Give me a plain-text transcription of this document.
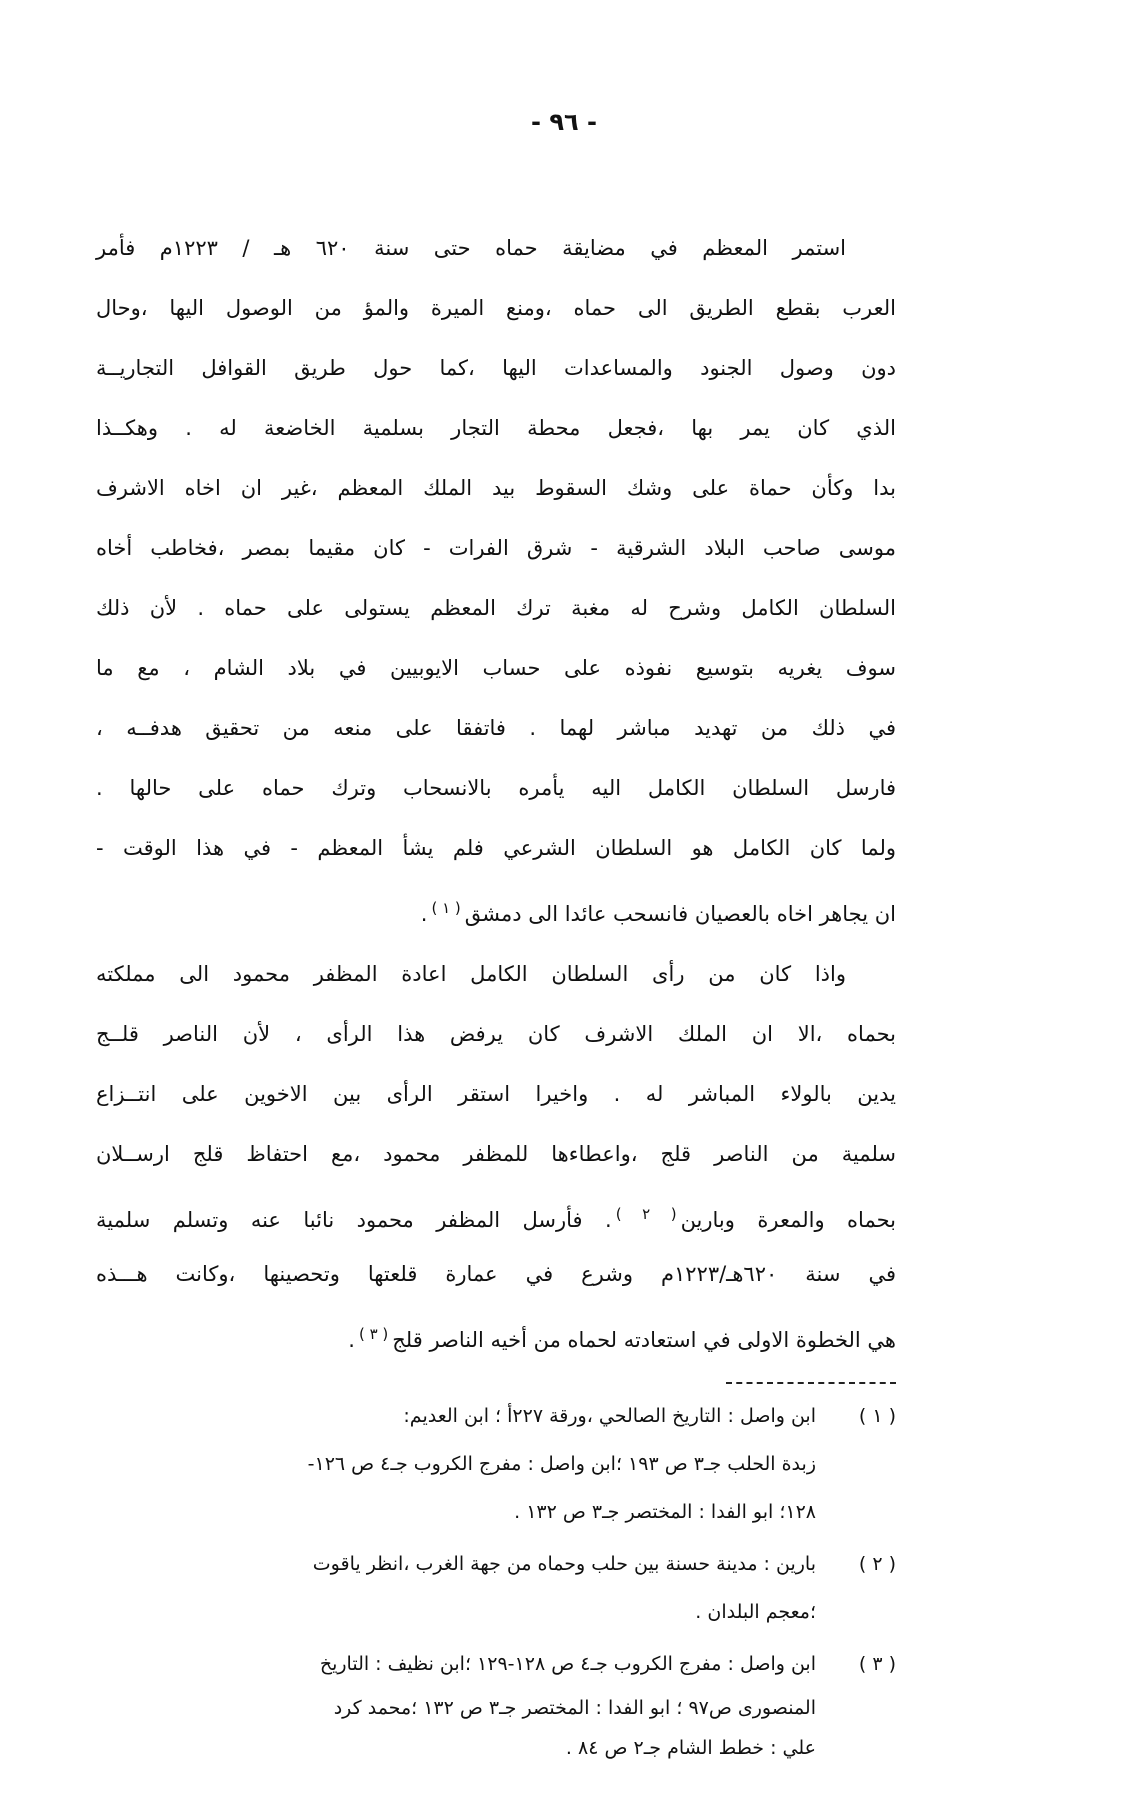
- ٩٦ -
استمر المعظم في مضايقة حماه حتى سنة ٦٢٠ هـ / ١٢٢٣م فأمر
العرب بقطع الطريق الى حماه ،ومنع الميرة والمؤ من الوصول اليها ،وحال
دون وصول الجنود والمساعدات اليها ،كما حول طريق القوافل التجاريــة
الذي كان يمر بها ،فجعل محطة التجار بسلمية الخاضعة له . وهكــذا
بدا وكأن حماة على وشك السقوط بيد الملك المعظم ،غير ان اخاه الاشرف
موسى صاحب البلاد الشرقية - شرق الفرات - كان مقيما بمصر ،فخاطب أخاه
السلطان الكامل وشرح له مغبة ترك المعظم يستولى على حماه . لأن ذلك
سوف يغريه بتوسيع نفوذه على حساب الايوبيين في بلاد الشام ، مع ما
في ذلك من تهديد مباشر لهما . فاتفقا على منعه من تحقيق هدفــه ،
فارسل السلطان الكامل اليه يأمره بالانسحاب وترك حماه على حالها .
ولما كان الكامل هو السلطان الشرعي فلم يشأ المعظم - في هذا الوقت -
ان يجاهر اخاه بالعصيان فانسحب عائدا الى دمشق$^{( ١ )}$.
واذا كان من رأى السلطان الكامل اعادة المظفر محمود الى مملكته
بحماه ،الا ان الملك الاشرف كان يرفض هذا الرأى ، لأن الناصر قلــج
يدين بالولاء المباشر له . واخيرا استقر الرأى بين الاخوين على انتــزاع
سلمية من الناصر قلج ،واعطاءها للمظفر محمود ،مع احتفاظ قلج ارســلان
بحماه والمعرة وبارين$^{( ٢ )}$. فأرسل المظفر محمود نائبا عنه وتسلم سلمية
في سنة ٦٢٠هـ/١٢٢٣م وشرع في عمارة قلعتها وتحصينها ،وكانت هـــذه
هي الخطوة الاولى في استعادته لحماه من أخيه الناصر قلج$^{( ٣ )}$.
( ١ )
ابن واصل : التاريخ الصالحي ،ورقة ٢٢٧أ ؛ ابن العديم:
زبدة الحلب جـ٣ ص ١٩٣ ؛ابن واصل : مفرج الكروب جـ٤ ص ١٢٦-
١٢٨؛ ابو الفدا : المختصر جـ٣ ص ١٣٢ .
( ٢ )
بارين : مدينة حسنة بين حلب وحماه من جهة الغرب ،انظر ياقوت
؛معجم البلدان .
( ٣ )
ابن واصل : مفرج الكروب جـ٤ ص ١٢٨-١٢٩ ؛ابن نظيف : التاريخ
المنصورى ص٩٧ ؛ ابو الفدا : المختصر جـ٣ ص ١٣٢ ؛محمد كرد
علي : خطط الشام جـ٢ ص ٨٤ .
